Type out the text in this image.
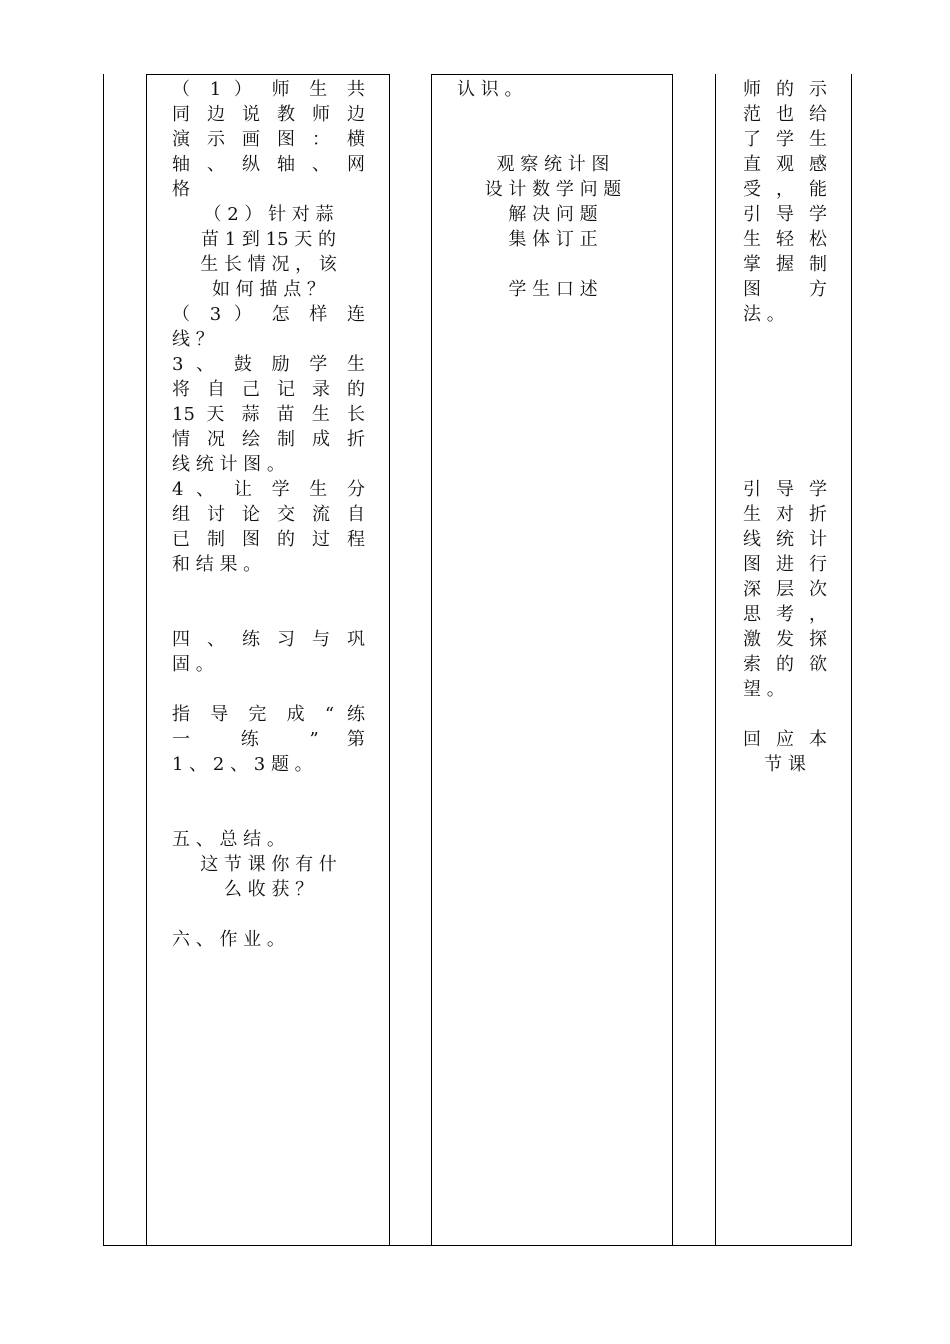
（ 1 ） 师 生 共
同 边 说 教 师 边
演 示 画 图 ： 横
轴 、 纵 轴 、 网
格
（ 2 ） 针 对 蒜
苗 1 到 15 天 的
生 长 情 况 ， 该
如 何 描 点 ？
（ 3 ） 怎 样 连
线 ？
3 、 鼓 励 学 生
将 自 己 记 录 的
15 天 蒜 苗 生 长
情 况 绘 制 成 折
线 统 计 图 。
4 、 让 学 生 分
组 讨 论 交 流 自
已 制 图 的 过 程
和 结 果 。
四 、 练 习 与 巩
固 。
指 导 完 成 “ 练
一 练 ” 第
1 、 2 、 3 题 。
五 、 总 结 。
这 节 课 你 有 什
么 收 获 ？
六 、 作 业 。
认 识 。
观 察 统 计 图
设 计 数 学 问 题
解 决 问 题
集 体 订 正
学 生 口 述
师 的 示
范 也 给
了 学 生
直 观 感
受 ， 能
引 导 学
生 轻 松
掌 握 制
图 方
法 。
引 导 学
生 对 折
线 统 计
图 进 行
深 层 次
思 考 ，
激 发 探
索 的 欲
望 。
回 应 本
节 课
